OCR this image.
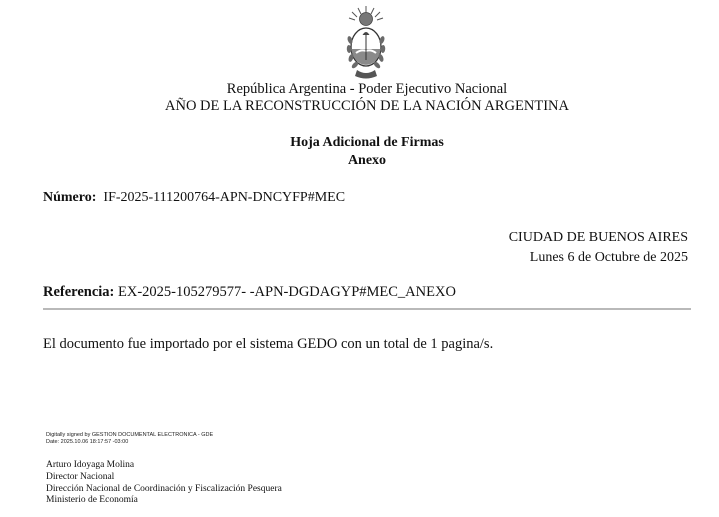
República Argentina - Poder Ejecutivo Nacional
AÑO DE LA RECONSTRUCCIÓN DE LA NACIÓN ARGENTINA
Hoja Adicional de Firmas
Anexo
Número: IF-2025-111200764-APN-DNCYFP#MEC
CIUDAD DE BUENOS AIRES
Lunes 6 de Octubre de 2025
Referencia: EX-2025-105279577- -APN-DGDAGYP#MEC_ANEXO
El documento fue importado por el sistema GEDO con un total de 1 pagina/s.
Digitally signed by GESTION DOCUMENTAL ELECTRONICA - GDE
Date: 2025.10.06 18:17:57 -03:00
Arturo Idoyaga Molina
Director Nacional
Dirección Nacional de Coordinación y Fiscalización Pesquera
Ministerio de Economía
